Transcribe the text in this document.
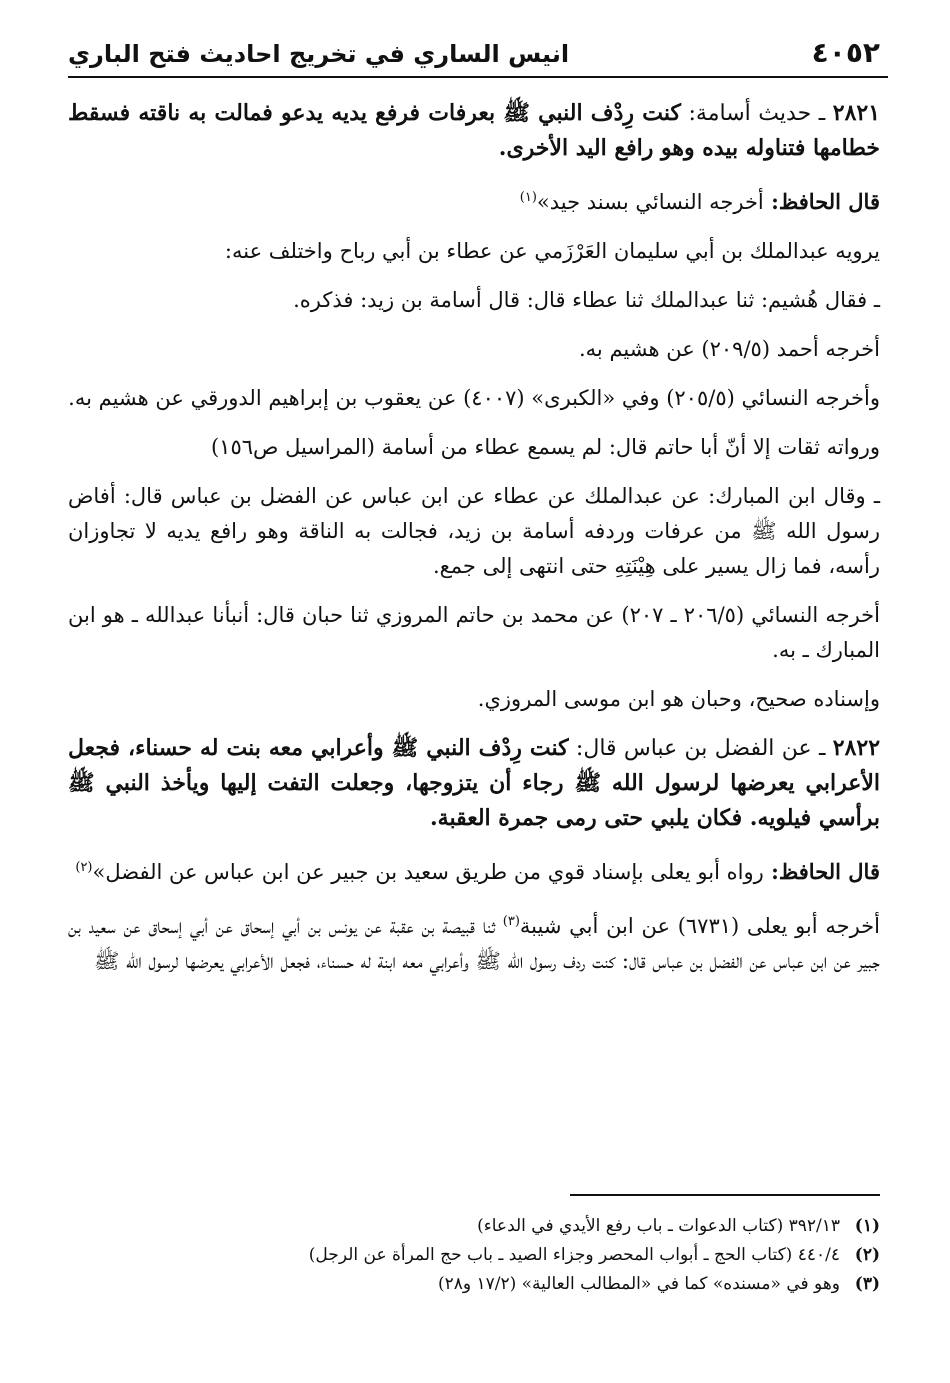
٤٠٥٢
انيس الساري في تخريج احاديث فتح الباري

٢٨٢١ ـ حديث أسامة: كنت رِدْف النبي ﷺ بعرفات فرفع يديه يدعو فمالت به ناقته فسقط خطامها فتناوله بيده وهو رافع اليد الأخرى.

قال الحافظ: أخرجه النسائي بسند جيد»$^{(١)}$

يرويه عبدالملك بن أبي سليمان العَرْزَمي عن عطاء بن أبي رباح واختلف عنه:

ـ فقال هُشيم: ثنا عبدالملك ثنا عطاء قال: قال أسامة بن زيد: فذكره.

أخرجه أحمد (٢٠٩/٥) عن هشيم به.

وأخرجه النسائي (٢٠٥/٥) وفي «الكبرى» (٤٠٠٧) عن يعقوب بن إبراهيم الدورقي عن هشيم به.

ورواته ثقات إلا أنّ أبا حاتم قال: لم يسمع عطاء من أسامة (المراسيل ص١٥٦)

ـ وقال ابن المبارك: عن عبدالملك عن عطاء عن ابن عباس عن الفضل بن عباس قال: أفاض رسول الله ﷺ من عرفات وردفه أسامة بن زيد، فجالت به الناقة وهو رافع يديه لا تجاوزان رأسه، فما زال يسير على هِيْنَتِهِ حتى انتهى إلى جمع.

أخرجه النسائي (٢٠٦/٥ ـ ٢٠٧) عن محمد بن حاتم المروزي ثنا حبان قال: أنبأنا عبدالله ـ هو ابن المبارك ـ به.

وإسناده صحيح، وحبان هو ابن موسى المروزي.

٢٨٢٢ ـ عن الفضل بن عباس قال: كنت رِدْف النبي ﷺ وأعرابي معه بنت له حسناء، فجعل الأعرابي يعرضها لرسول الله ﷺ رجاء أن يتزوجها، وجعلت التفت إليها ويأخذ النبي ﷺ برأسي فيلويه. فكان يلبي حتى رمى جمرة العقبة.

قال الحافظ: رواه أبو يعلى بإسناد قوي من طريق سعيد بن جبير عن ابن عباس عن الفضل»$^{(٢)}$

أخرجه أبو يعلى (٦٧٣١) عن ابن أبي شيبة$^{(٣)}$ ثنا قبيصة بن عقبة عن يونس بن أبي إسحاق عن أبي إسحاق عن سعيد بن جبير عن ابن عباس عن الفضل بن عباس قال: كنت ردف رسول الله ﷺ وأعرابي معه ابنة له حسناء، فجعل الأعرابي يعرضها لرسول الله ﷺ

(١)٣٩٢/١٣ (كتاب الدعوات ـ باب رفع الأيدي في الدعاء)
(٢)٤٤٠/٤ (كتاب الحج ـ أبواب المحصر وجزاء الصيد ـ باب حج المرأة عن الرجل)
(٣)وهو في «مسنده» كما في «المطالب العالية» (١٧/٢ و٢٨)
